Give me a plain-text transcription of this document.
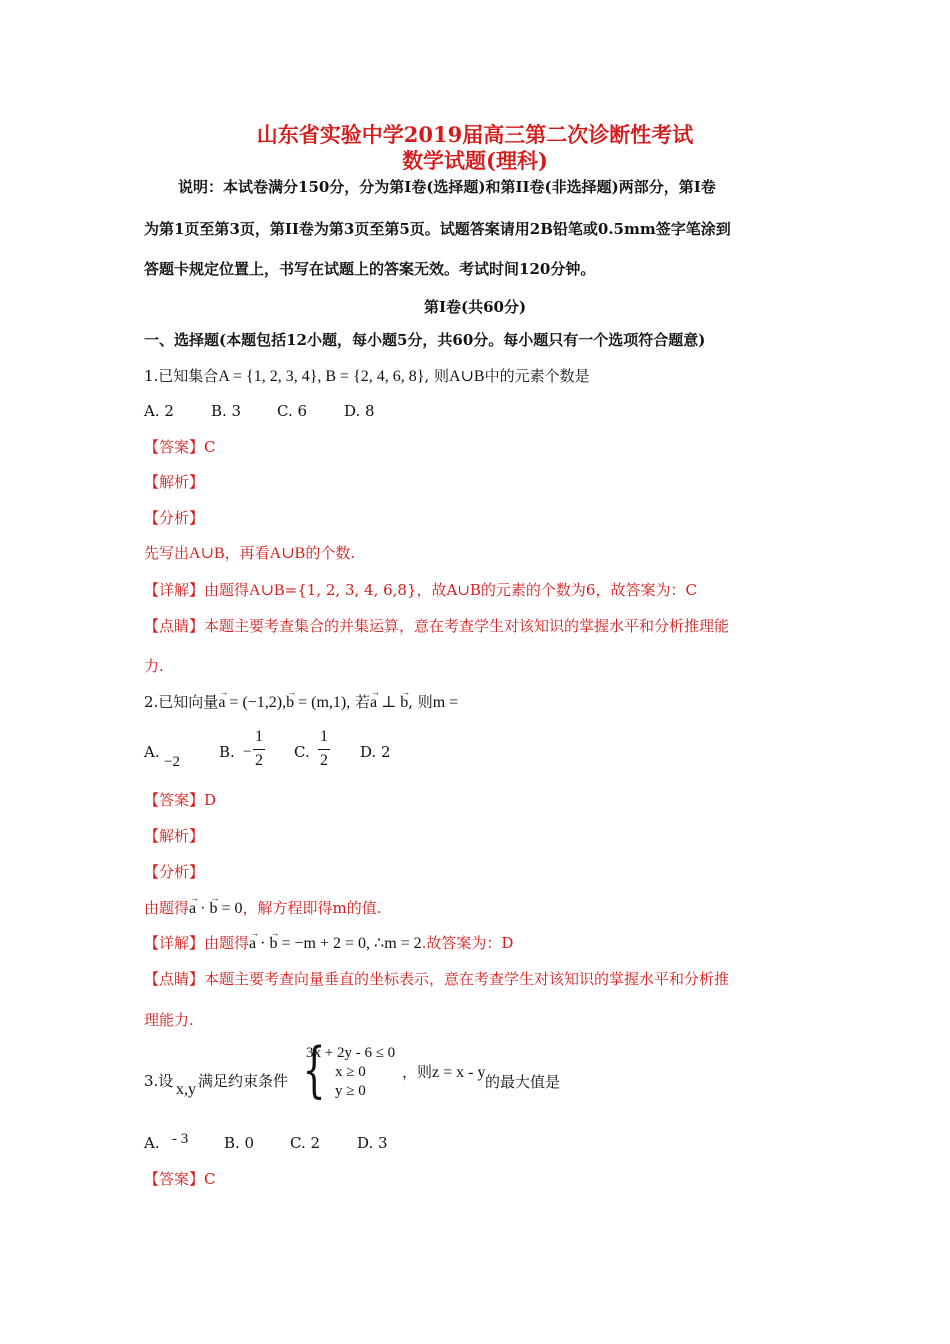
山东省实验中学2019届高三第二次诊断性考试
数学试题(理科)
说明：本试卷满分150分，分为第I卷(选择题)和第II卷(非选择题)两部分，第I卷
为第1页至第3页，第II卷为第3页至第5页。试题答案请用2B铅笔或0.5mm签字笔涂到
答题卡规定位置上，书写在试题上的答案无效。考试时间120分钟。
第I卷(共60分)
一、选择题(本题包括12小题，每小题5分，共60分。每小题只有一个选项符合题意)
1.已知集合A = {1, 2, 3, 4}, B = {2, 4, 6, 8}, 则A∪B中的元素个数是
A. 2 B. 3 C. 6 D. 8
【答案】C
【解析】
【分析】
先写出A∪B，再看A∪B的个数.
【详解】由题得A∪B={1, 2, 3, 4, 6,8}，故A∪B的元素的个数为6，故答案为：C
【点睛】本题主要考查集合的并集运算，意在考查学生对该知识的掌握水平和分析推理能
力.
2.已知向量→ a = (−1,2),→ b = (m,1), 若→ a ⊥ → b, 则m =
A.
−2
B. −
1
2 C.
1
2 D. 2
【答案】D
【解析】
【分析】
由题得→ a · → b = 0，解方程即得m的值.
【详解】由题得→ a · → b = −m + 2 = 0, ∴m = 2.故答案为：D
【点睛】本题主要考查向量垂直的坐标表示，意在考查学生对该知识的掌握水平和分析推
理能力.
3.设 x,y 满足约束条件 {
3x + 2y - 6 ≤ 0
x ≥ 0
y ≥ 0
，则z = x - y
的最大值是
A. - 3 B. 0 C. 2 D. 3
【答案】C
